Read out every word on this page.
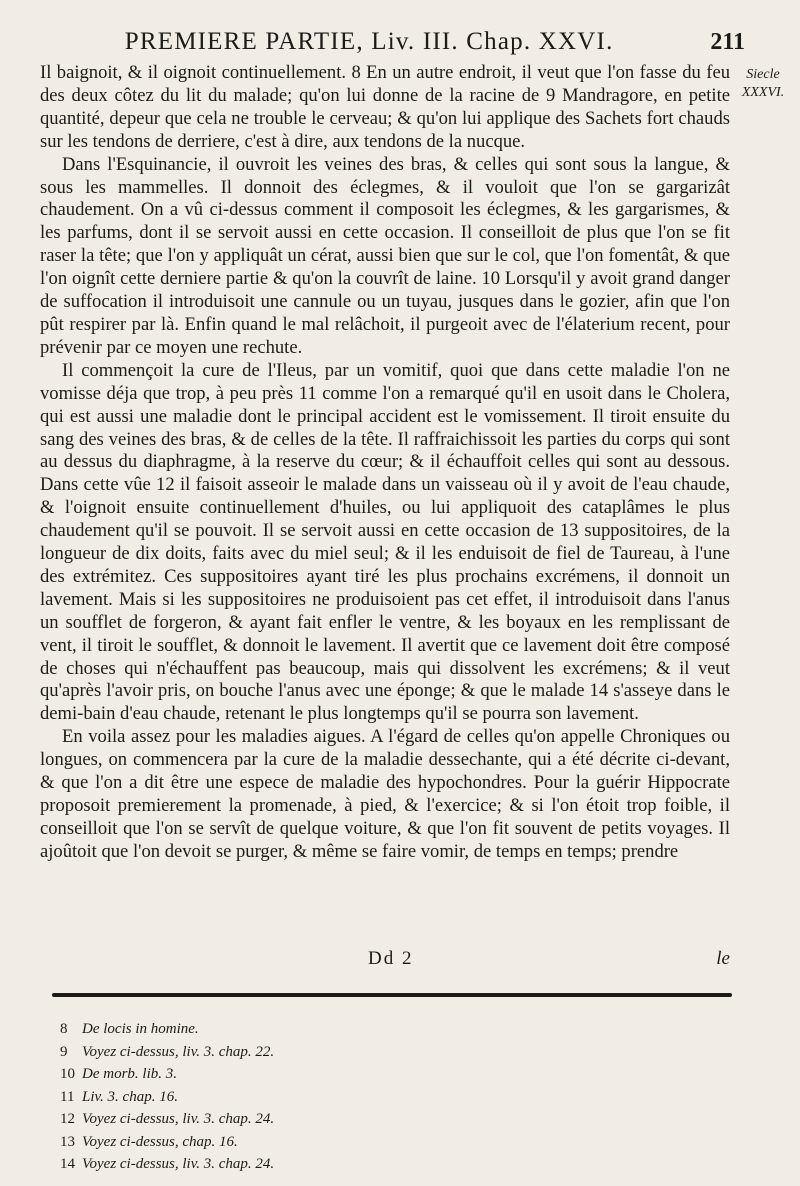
PREMIERE PARTIE, Liv. III. Chap. XXVI.	211
Siecle
XXXVI.

Il baignoit, & il oignoit continuellement. 8 En un autre endroit, il veut que l'on fasse du feu des deux côtez du lit du malade; qu'on lui donne de la racine de 9 Mandragore, en petite quantité, depeur que cela ne trouble le cerveau; & qu'on lui applique des Sachets fort chauds sur les tendons de derriere, c'est à dire, aux tendons de la nucque.

Dans l'Esquinancie, il ouvroit les veines des bras, & celles qui sont sous la langue, & sous les mammelles. Il donnoit des éclegmes, & il vouloit que l'on se gargarizât chaudement. On a vû ci-dessus comment il composoit les éclegmes, & les gargarismes, & les parfums, dont il se servoit aussi en cette occasion. Il conseilloit de plus que l'on se fit raser la tête; que l'on y appliquât un cérat, aussi bien que sur le col, que l'on fomentât, & que l'on oignît cette derniere partie & qu'on la couvrît de laine. 10 Lorsqu'il y avoit grand danger de suffocation il introduisoit une cannule ou un tuyau, jusques dans le gozier, afin que l'on pût respirer par là. Enfin quand le mal relâchoit, il purgeoit avec de l'élaterium recent, pour prévenir par ce moyen une rechute.

Il commençoit la cure de l'Ileus, par un vomitif, quoi que dans cette maladie l'on ne vomisse déja que trop, à peu près 11 comme l'on a remarqué qu'il en usoit dans le Cholera, qui est aussi une maladie dont le principal accident est le vomissement. Il tiroit ensuite du sang des veines des bras, & de celles de la tête. Il raffraichissoit les parties du corps qui sont au dessus du diaphragme, à la reserve du cœur; & il échauffoit celles qui sont au dessous. Dans cette vûe 12 il faisoit asseoir le malade dans un vaisseau où il y avoit de l'eau chaude, & l'oignoit ensuite continuellement d'huiles, ou lui appliquoit des cataplâmes le plus chaudement qu'il se pouvoit. Il se servoit aussi en cette occasion de 13 suppositoires, de la longueur de dix doits, faits avec du miel seul; & il les enduisoit de fiel de Taureau, à l'une des extrémitez. Ces suppositoires ayant tiré les plus prochains excrémens, il donnoit un lavement. Mais si les suppositoires ne produisoient pas cet effet, il introduisoit dans l'anus un soufflet de forgeron, & ayant fait enfler le ventre, & les boyaux en les remplissant de vent, il tiroit le soufflet, & donnoit le lavement. Il avertit que ce lavement doit être composé de choses qui n'échauffent pas beaucoup, mais qui dissolvent les excrémens; & il veut qu'après l'avoir pris, on bouche l'anus avec une éponge; & que le malade 14 s'asseye dans le demi-bain d'eau chaude, retenant le plus longtemps qu'il se pourra son lavement.

En voila assez pour les maladies aigues. A l'égard de celles qu'on appelle Chroniques ou longues, on commencera par la cure de la maladie dessechante, qui a été décrite ci-devant, & que l'on a dit être une espece de maladie des hypochondres. Pour la guérir Hippocrate proposoit premierement la promenade, à pied, & l'exercice; & si l'on étoit trop foible, il conseilloit que l'on se servît de quelque voiture, & que l'on fit souvent de petits voyages. Il ajoûtoit que l'on devoit se purger, & même se faire vomir, de temps en temps; prendre

Dd 2	le
8 De locis in homine.
9 Voyez ci-dessus, liv. 3. chap. 22.
10 De morb. lib. 3.
11 Liv. 3. chap. 16.
12 Voyez ci-dessus, liv. 3. chap. 24.
13 Voyez ci-dessus, chap. 16.
14 Voyez ci-dessus, liv. 3. chap. 24.
